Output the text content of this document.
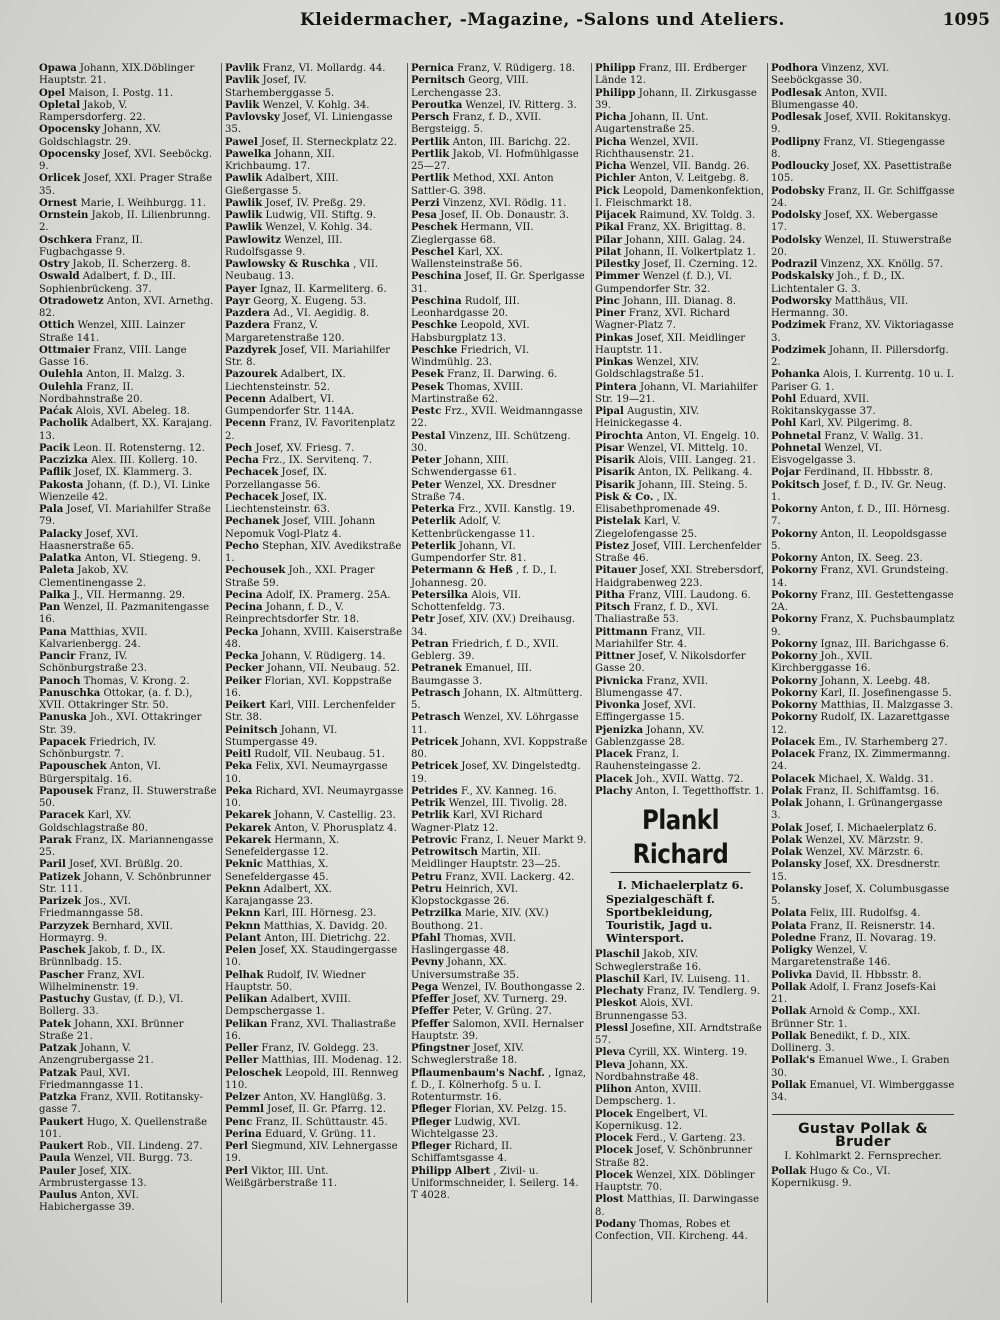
Kleidermacher, -Magazine, -Salons und Ateliers.	1095
Opawa Johann, XIX.Döblinger Hauptstr. 21.
Opel Maison, I. Postg. 11.
Opletal Jakob, V. Rampersdorferg. 22.
Opocensky Johann, XV. Goldschlagstr. 29.
Opocensky Josef, XVI. Seeböckg. 9.
Orlicek Josef, XXI. Prager Straße 35.
Ornest Marie, I. Weihburgg. 11.
Ornstein Jakob, II. Lilienbrunng. 2.
Oschkera Franz, II. Fugbachgasse 9.
Ostry Jakob, II. Scherzerg. 8.
Oswald Adalbert, f. D., III. Sophienbrückeng. 37.
Otradowetz Anton, XVI. Arnethg. 82.
Ottich Wenzel, XIII. Lainzer Straße 141.
Ottmaier Franz, VIII. Lange Gasse 16.
Oulehla Anton, II. Malzg. 3.
Oulehla Franz, II. Nordbahnstraße 20.
Paćak Alois, XVI. Abeleg. 18.
Pacholik Adalbert, XX. Karajang. 13.
Pacik Leon. II. Rotensterng. 12.
Paczizka Alex. III. Kollerg. 10.
Paflik Josef, IX. Klammerg. 3.
Pakosta Johann, (f. D.), VI. Linke Wienzeile 42.
Pala Josef, VI. Mariahilfer Straße 79.
Palacky Josef, XVI. Haasnerstraße 65.
Palatka Anton, VI. Stiegeng. 9.
Paleta Jakob, XV. Clementinengasse 2.
Palka J., VII. Hermanng. 29.
Pan Wenzel, II. Pazmanitengasse 16.
Pana Matthias, XVII. Kalvarienbergg. 24.
Pancir Franz, IV. Schönburgstraße 23.
Panoch Thomas, V. Krong. 2.
Panuschka Ottokar, (a. f. D.), XVII. Ottakringer Str. 50.
Panuska Joh., XVI. Ottakringer Str. 39.
Papacek Friedrich, IV. Schönburgstr. 7.
Papouschek Anton, VI. Bürgerspitalg. 16.
Papousek Franz, II. Stuwerstraße 50.
Paracek Karl, XV. Goldschlagstraße 80.
Parak Franz, IX. Mariannengasse 25.
Paril Josef, XVI. Brüßlg. 20.
Patizek Johann, V. Schönbrunner Str. 111.
Parizek Jos., XVI. Friedmanngasse 58.
Parzyzek Bernhard, XVII. Hormayrg. 9.
Paschek Jakob, f. D., IX. Brünnlbadg. 15.
Pascher Franz, XVI. Wilhelminenstr. 19.
Pastuchy Gustav, (f. D.), VI. Bollerg. 33.
Patek Johann, XXI. Brünner Straße 21.
Patzak Johann, V. Anzengrubergasse 21.
Patzak Paul, XVI. Friedmanngasse 11.
Patzka Franz, XVII. Rotitanskygasse 7.
Paukert Hugo, X. Quellenstraße 101.
Paukert Rob., VII. Lindeng. 27.
Paula Wenzel, VII. Burgg. 73.
Pauler Josef, XIX. Armbrustergasse 13.
Paulus Anton, XVI. Habichergasse 39.
Pavlik Franz, VI. Mollardg. 44.
Pavlik Josef, IV. Starhemberggasse 5.
Pavlik Wenzel, V. Kohlg. 34.
Pavlovsky Josef, VI. Liniengasse 35.
Pawel Josef, II. Sterneckplatz 22.
Pawelka Johann, XII. Krichbaumg. 17.
Pawlik Adalbert, XIII. Gießergasse 5.
Pawlik Josef, IV. Preßg. 29.
Pawlik Ludwig, VII. Stiftg. 9.
Pawlik Wenzel, V. Kohlg. 34.
Pawlowitz Wenzel, III. Rudolfsgasse 9.
Pawlowsky & Ruschka , VII. Neubaug. 13.
Payer Ignaz, II. Karmeliterg. 6.
Payr Georg, X. Eugeng. 53.
Pazdera Ad., VI. Aegidig. 8.
Pazdera Franz, V. Margaretenstraße 120.
Pazdyrek Josef, VII. Mariahilfer Str. 8.
Pazourek Adalbert, IX. Liechtensteinstr. 52.
Pecenn Adalbert, VI. Gumpendorfer Str. 114A.
Pecenn Franz, IV. Favoritenplatz 2.
Pech Josef, XV. Friesg. 7.
Pecha Frz., IX. Servitenq. 7.
Pechacek Josef, IX. Porzellangasse 56.
Pechacek Josef, IX. Liechtensteinstr. 63.
Pechanek Josef, VIII. Johann Nepomuk Vogl-Platz 4.
Pecho Stephan, XIV. Avedikstraße 1.
Pechousek Joh., XXI. Prager Straße 59.
Pecina Adolf, IX. Pramerg. 25A.
Pecina Johann, f. D., V. Reinprechtsdorfer Str. 18.
Pecka Johann, XVIII. Kaiserstraße 48.
Pecka Johann, V. Rüdigerg. 14.
Pecker Johann, VII. Neubaug. 52.
Peiker Florian, XVI. Koppstraße 16.
Peikert Karl, VIII. Lerchenfelder Str. 38.
Peinitsch Johann, VI. Stumpergasse 49.
Peitl Rudolf, VII. Neubaug. 51.
Peka Felix, XVI. Neumayrgasse 10.
Peka Richard, XVI. Neumayrgasse 10.
Pekarek Johann, V. Castellig. 23.
Pekarek Anton, V. Phorusplatz 4.
Pekarek Hermann, X. Senefeldergasse 12.
Peknic Matthias, X. Senefeldergasse 45.
Peknn Adalbert, XX. Karajangasse 23.
Peknn Karl, III. Hörnesg. 23.
Peknn Matthias, X. Davidg. 20.
Pelant Anton, III. Dietrichg. 22.
Pelen Josef, XX. Staudingergasse 10.
Pelhak Rudolf, IV. Wiedner Hauptstr. 50.
Pelikan Adalbert, XVIII. Dempschergasse 1.
Pelikan Franz, XVI. Thaliastraße 16.
Peller Franz, IV. Goldegg. 23.
Peller Matthias, III. Modenag. 12.
Peloschek Leopold, III. Rennweg 110.
Pelzer Anton, XV. Hanglüßg. 3.
Pemml Josef, II. Gr. Pfarrg. 12.
Penc Franz, II. Schüttaustr. 45.
Perina Eduard, V. Grüng. 11.
Perl Siegmund, XIV. Lehnergasse 19.
Perl Viktor, III. Unt. Weißgärberstraße 11.
Pernica Franz, V. Rüdigerg. 18.
Pernitsch Georg, VIII. Lerchengasse 23.
Peroutka Wenzel, IV. Ritterg. 3.
Persch Franz, f. D., XVII. Bergsteigg. 5.
Pertlik Anton, III. Barichg. 22.
Pertlik Jakob, VI. Hofmühlgasse 25—27.
Pertlik Method, XXI. Anton Sattler-G. 398.
Perzi Vinzenz, XVI. Rödlg. 11.
Pesa Josef, II. Ob. Donaustr. 3.
Peschek Hermann, VII. Zieglergasse 68.
Peschel Karl, XX. Wallensteinstraße 56.
Peschina Josef, II. Gr. Sperlgasse 31.
Peschina Rudolf, III. Leonhardgasse 20.
Peschke Leopold, XVI. Habsburgplatz 13.
Peschke Friedrich, VI. Windmühlg. 23.
Pesek Franz, II. Darwing. 6.
Pesek Thomas, XVIII. Martinstraße 62.
Pestc Frz., XVII. Weidmanngasse 22.
Pestal Vinzenz, III. Schützeng. 30.
Peter Johann, XIII. Schwendergasse 61.
Peter Wenzel, XX. Dresdner Straße 74.
Peterka Frz., XVII. Kanstlg. 19.
Peterlik Adolf, V. Kettenbrückengasse 11.
Peterlik Johann, VI. Gumpendorfer Str. 81.
Petermann & Heß , f. D., I. Johannesg. 20.
Petersilka Alois, VII. Schottenfeldg. 73.
Petr Josef, XIV. (XV.) Dreihausg. 34.
Petran Friedrich, f. D., XVII. Geblerg. 39.
Petranek Emanuel, III. Baumgasse 3.
Petrasch Johann, IX. Altmütterg. 5.
Petrasch Wenzel, XV. Löhrgasse 11.
Petricek Johann, XVI. Koppstraße 80.
Petricek Josef, XV. Dingelstedtg. 19.
Petrides F., XV. Kanneg. 16.
Petrik Wenzel, III. Tivolig. 28.
Petrlik Karl, XVI Richard Wagner-Platz 12.
Petrovic Franz, I. Neuer Markt 9.
Petrowitsch Martin, XII. Meidlinger Hauptstr. 23—25.
Petru Franz, XVII. Lackerg. 42.
Petru Heinrich, XVI. Klopstockgasse 26.
Petrzilka Marie, XIV. (XV.) Bouthong. 21.
Pfahl Thomas, XVII. Haslingergasse 48.
Pevny Johann, XX. Universumstraße 35.
Pega Wenzel, IV. Bouthongasse 2.
Pfeffer Josef, XV. Turnerg. 29.
Pfeffer Peter, V. Grüng. 27.
Pfeffer Salomon, XVII. Hernalser Hauptstr. 39.
Pfingstner Josef, XIV. Schweglerstraße 18.
Pflaumenbaum's Nachf. , Ignaz, f. D., I. Kölnerhofg. 5 u. I. Rotenturmstr. 16.
Pfleger Florian, XV. Pelzg. 15.
Pfleger Ludwig, XVI. Wichtelgasse 23.
Pfleger Richard, II. Schiffamtsgasse 4.
Philipp Albert , Zivil- u. Uniformschneider, I. Seilerg. 14. T 4028.
Philipp Franz, III. Erdberger Lände 12.
Philipp Johann, II. Zirkusgasse 39.
Picha Johann, II. Unt. Augartenstraße 25.
Picha Wenzel, XVII. Richthausenstr. 21.
Picha Wenzel, VII. Bandg. 26.
Pichler Anton, V. Leitgebg. 8.
Pick Leopold, Damenkonfektion, I. Fleischmarkt 18.
Pijacek Raimund, XV. Toldg. 3.
Pikal Franz, XX. Brigittag. 8.
Pilar Johann, XIII. Galag. 24.
Pilat Johann, II. Volkertplatz 1.
Pilestky Josef, II. Czerning. 12.
Pimmer Wenzel (f. D.), VI. Gumpendorfer Str. 32.
Pinc Johann, III. Dianag. 8.
Piner Franz, XVI. Richard Wagner-Platz 7.
Pinkas Josef, XII. Meidlinger Hauptstr. 11.
Pinkas Wenzel, XIV. Goldschlagstraße 51.
Pintera Johann, VI. Mariahilfer Str. 19—21.
Pipal Augustin, XIV. Heinickegasse 4.
Pirochta Anton, VI. Engelg. 10.
Pisar Wenzel, VI. Mittelg. 10.
Pisarik Alois, VIII. Langeg. 21.
Pisarik Anton, IX. Pelikang. 4.
Pisarik Johann, III. Steing. 5.
Pisk & Co. , IX. Elisabethpromenade 49.
Pistelak Karl, V. Ziegelofengasse 25.
Pistez Josef, VIII. Lerchenfelder Straße 46.
Pitauer Josef, XXI. Strebersdorf, Haidgrabenweg 223.
Pitha Franz, VIII. Laudong. 6.
Pitsch Franz, f. D., XVI. Thaliastraße 53.
Pittmann Franz, VII. Mariahilfer Str. 4.
Pittner Josef, V. Nikolsdorfer Gasse 20.
Pivnicka Franz, XVII. Blumengasse 47.
Pivonka Josef, XVI. Effingergasse 15.
Pjenizka Johann, XV. Gablenzgasse 28.
Placek Franz, I. Rauhensteingasse 2.
Placek Joh., XVII. Wattg. 72.
Plachy Anton, I. Tegetthoffstr. 1.
Plankl Richard
I. Michaelerplatz 6.
Spezialgeschäft f. Sportbekleidung, Touristik, Jagd u. Wintersport.
Plaschil Jakob, XIV. Schweglerstraße 16.
Plaschil Karl, IV. Luiseng. 11.
Plechaty Franz, IV. Tendlerg. 9.
Pleskot Alois, XVI. Brunnengasse 53.
Plessl Josefine, XII. Arndtstraße 57.
Pleva Cyrill, XX. Winterg. 19.
Pleva Johann, XX. Nordbahnstraße 48.
Plihon Anton, XVIII. Dempscherg. 1.
Plocek Engelbert, VI. Kopernikusg. 12.
Plocek Ferd., V. Garteng. 23.
Plocek Josef, V. Schönbrunner Straße 82.
Plocek Wenzel, XIX. Döblinger Hauptstr. 70.
Plost Matthias, II. Darwingasse 8.
Podany Thomas, Robes et Confection, VII. Kircheng. 44.
Podhora Vinzenz, XVI. Seeböckgasse 30.
Podlesak Anton, XVII. Blumengasse 40.
Podlesak Josef, XVII. Rokitanskyg. 9.
Podlipny Franz, VI. Stiegengasse 8.
Podloucky Josef, XX. Pasettistraße 105.
Podobsky Franz, II. Gr. Schiffgasse 24.
Podolsky Josef, XX. Webergasse 17.
Podolsky Wenzel, II. Stuwerstraße 20.
Podrazil Vinzenz, XX. Knöllg. 57.
Podskalsky Joh., f. D., IX. Lichtentaler G. 3.
Podworsky Matthäus, VII. Hermanng. 30.
Podzimek Franz, XV. Viktoriagasse 3.
Podzimek Johann, II. Pillersdorfg. 2.
Pohanka Alois, I. Kurrentg. 10 u. I. Pariser G. 1.
Pohl Eduard, XVII. Rokitanskygasse 37.
Pohl Karl, XV. Pilgerimg. 8.
Pohnetal Franz, V. Wallg. 31.
Pohnetal Wenzel, VI. Eisvogelgasse 3.
Pojar Ferdinand, II. Hbbsstr. 8.
Pokitsch Josef, f. D., IV. Gr. Neug. 1.
Pokorny Anton, f. D., III. Hörnesg. 7.
Pokorny Anton, II. Leopoldsgasse 5.
Pokorny Anton, IX. Seeg. 23.
Pokorny Franz, XVI. Grundsteing. 14.
Pokorny Franz, III. Gestettengasse 2A.
Pokorny Franz, X. Puchsbaumplatz 9.
Pokorny Ignaz, III. Barichgasse 6.
Pokorny Joh., XVII. Kirchberggasse 16.
Pokorny Johann, X. Leebg. 48.
Pokorny Karl, II. Josefinengasse 5.
Pokorny Matthias, II. Malzgasse 3.
Pokorny Rudolf, IX. Lazarettgasse 12.
Polacek Em., IV. Starhemberg 27.
Polacek Franz, IX. Zimmermanng. 24.
Polacek Michael, X. Waldg. 31.
Polak Franz, II. Schiffamtsg. 16.
Polak Johann, I. Grünangergasse 3.
Polak Josef, I. Michaelerplatz 6.
Polak Wenzel, XV. Märzstr. 9.
Polak Wenzel, XV. Märzstr. 6.
Polansky Josef, XX. Dresdnerstr. 15.
Polansky Josef, X. Columbusgasse 5.
Polata Felix, III. Rudolfsg. 4.
Polata Franz, II. Reisnerstr. 14.
Poledne Franz, II. Novarag. 19.
Poligky Wenzel, V. Margaretenstraße 146.
Polivka David, II. Hbbsstr. 8.
Pollak Adolf, I. Franz Josefs-Kai 21.
Pollak Arnold & Comp., XXI. Brünner Str. 1.
Pollak Benedikt, f. D., XIX. Dollinerg. 3.
Pollak's Emanuel Wwe., I. Graben 30.
Pollak Emanuel, VI. Wimberggasse 34.
Gustav Pollak & Bruder
I. Kohlmarkt 2. Fernsprecher.
Pollak Hugo & Co., VI. Kopernikusg. 9.
